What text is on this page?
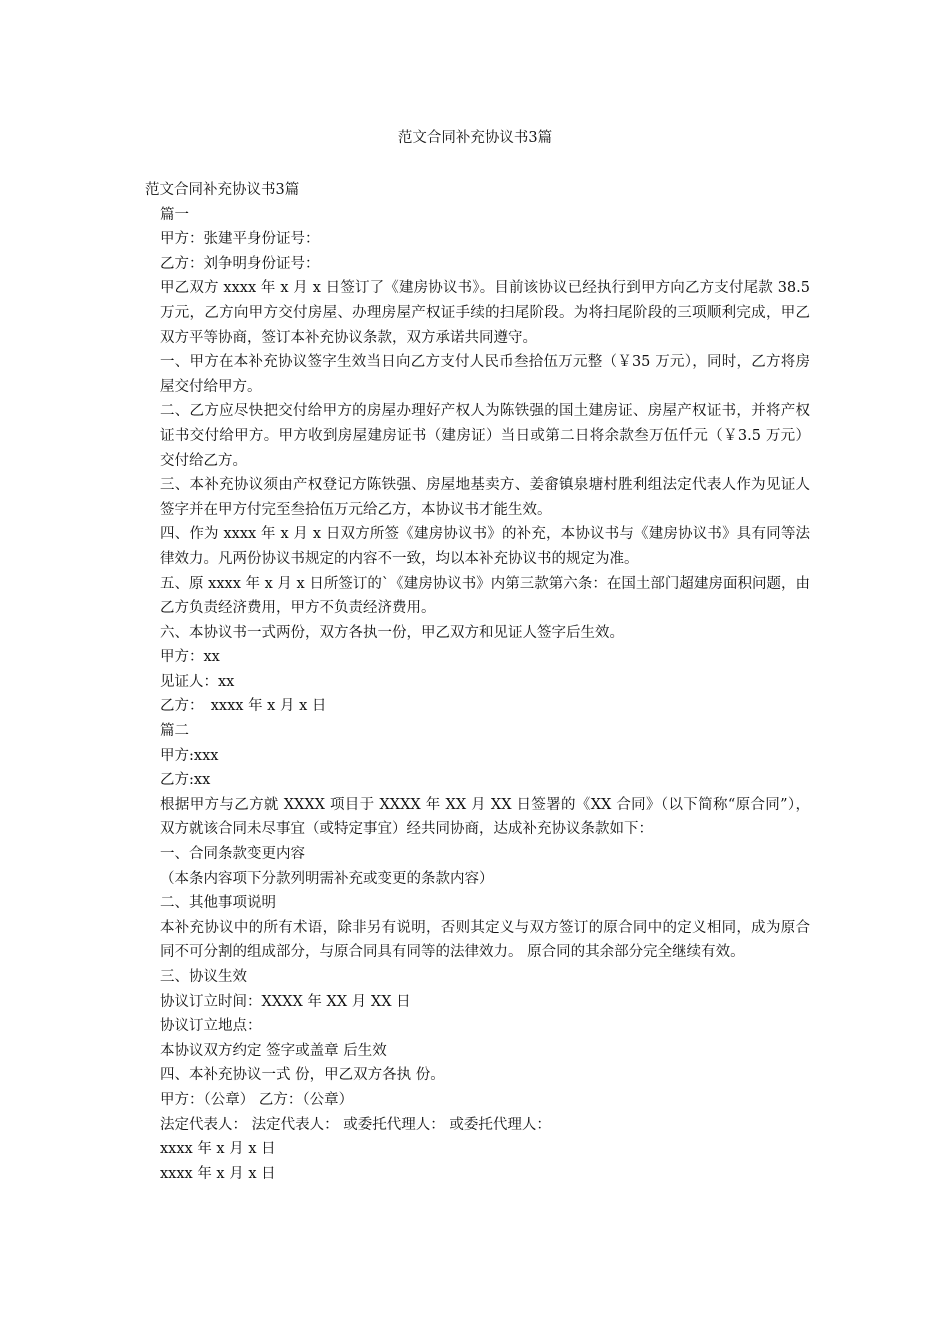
范文合同补充协议书3篇

范文合同补充协议书3篇

篇一

甲方：张建平身份证号：

乙方：刘争明身份证号：

甲乙双方 xxxx 年 x 月 x 日签订了《建房协议书》。目前该协议已经执行到甲方向乙方支付尾款 38.5 万元，乙方向甲方交付房屋、办理房屋产权证手续的扫尾阶段。为将扫尾阶段的三项顺利完成，甲乙双方平等协商，签订本补充协议条款，双方承诺共同遵守。

一、甲方在本补充协议签字生效当日向乙方支付人民币叁拾伍万元整（￥35 万元），同时，乙方将房屋交付给甲方。

二、乙方应尽快把交付给甲方的房屋办理好产权人为陈铁强的国土建房证、房屋产权证书，并将产权证书交付给甲方。甲方收到房屋建房证书（建房证）当日或第二日将余款叁万伍仟元（￥3.5 万元）交付给乙方。

三、本补充协议须由产权登记方陈铁强、房屋地基卖方、姜畲镇泉塘村胜利组法定代表人作为见证人签字并在甲方付完至叁拾伍万元给乙方，本协议书才能生效。

四、作为 xxxx 年 x 月 x 日双方所签《建房协议书》的补充，本协议书与《建房协议书》具有同等法律效力。凡两份协议书规定的内容不一致，均以本补充协议书的规定为准。

五、原 xxxx 年 x 月 x 日所签订的`《建房协议书》内第三款第六条：在国土部门超建房面积问题，由乙方负责经济费用，甲方不负责经济费用。

六、本协议书一式两份，双方各执一份，甲乙双方和见证人签字后生效。

甲方：xx

见证人：xx

乙方：　xxxx 年 x 月 x 日

篇二

甲方:xxx

乙方:xx

根据甲方与乙方就 XXXX 项目于 XXXX 年 XX 月 XX 日签署的《XX 合同》（以下简称“原合同”），双方就该合同未尽事宜（或特定事宜）经共同协商，达成补充协议条款如下：

一、合同条款变更内容

（本条内容项下分款列明需补充或变更的条款内容）

二、其他事项说明

本补充协议中的所有术语，除非另有说明，否则其定义与双方签订的原合同中的定义相同，成为原合同不可分割的组成部分，与原合同具有同等的法律效力。 原合同的其余部分完全继续有效。

三、协议生效

协议订立时间：XXXX 年 XX 月 XX 日

协议订立地点：

本协议双方约定 签字或盖章 后生效

四、本补充协议一式 份，甲乙双方各执 份。

甲方：（公章） 乙方：（公章）

法定代表人： 法定代表人： 或委托代理人： 或委托代理人：

xxxx 年 x 月 x 日

xxxx 年 x 月 x 日
